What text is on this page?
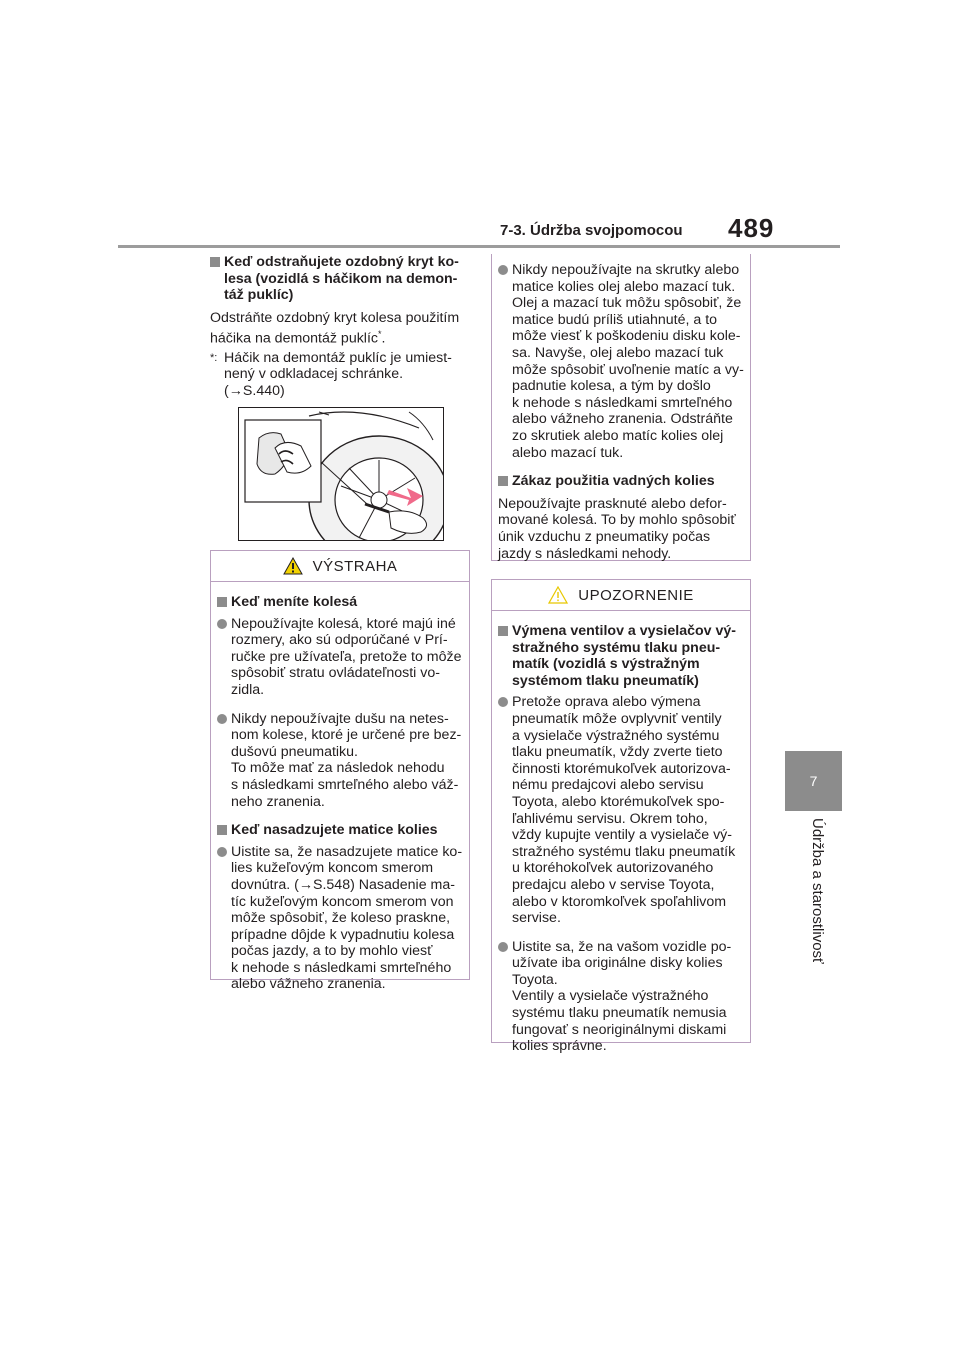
7-3. Údržba svojpomocou 489
7
Údržba a starostlivosť
Keď odstraňujete ozdobný kryt ko-
lesa (vozidlá s háčikom na demon-
táž puklíc)
Odstráňte ozdobný kryt kolesa použitím
háčika na demontáž puklíc*.
*: Háčik na demontáž puklíc je umiest-
nený v odkladacej schránke.
(→S.440)
VÝSTRAHA
Keď meníte kolesá
Nepoužívajte kolesá, ktoré majú iné
rozmery, ako sú odporúčané v Prí-
ručke pre užívateľa, pretože to môže
spôsobiť stratu ovládateľnosti vo-
zidla.
Nikdy nepoužívajte dušu na netes-
nom kolese, ktoré je určené pre bez-
dušovú pneumatiku.
To môže mať za následok nehodu
s následkami smrteľného alebo váž-
neho zranenia.
Keď nasadzujete matice kolies
Uistite sa, že nasadzujete matice ko-
lies kužeľovým koncom smerom
dovnútra. (→S.548) Nasadenie ma-
tíc kužeľovým koncom smerom von
môže spôsobiť, že koleso praskne,
prípadne dôjde k vypadnutiu kolesa
počas jazdy, a to by mohlo viesť
k nehode s následkami smrteľného
alebo vážneho zranenia.
Nikdy nepoužívajte na skrutky alebo
matice kolies olej alebo mazací tuk.
Olej a mazací tuk môžu spôsobiť, že
matice budú príliš utiahnuté, a to
môže viesť k poškodeniu disku kole-
sa. Navyše, olej alebo mazací tuk
môže spôsobiť uvoľnenie matíc a vy-
padnutie kolesa, a tým by došlo
k nehode s následkami smrteľného
alebo vážneho zranenia. Odstráňte
zo skrutiek alebo matíc kolies olej
alebo mazací tuk.
Zákaz použitia vadných kolies
Nepoužívajte prasknuté alebo defor-
mované kolesá. To by mohlo spôsobiť
únik vzduchu z pneumatiky počas
jazdy s následkami nehody.
UPOZORNENIE
Výmena ventilov a vysielačov vý-
stražného systému tlaku pneu-
matík (vozidlá s výstražným
systémom tlaku pneumatík)
Pretože oprava alebo výmena
pneumatík môže ovplyvniť ventily
a vysielače výstražného systému
tlaku pneumatík, vždy zverte tieto
činnosti ktorémukoľvek autorizova-
nému predajcovi alebo servisu
Toyota, alebo ktorémukoľvek spo-
ľahlivému servisu. Okrem toho,
vždy kupujte ventily a vysielače vý-
stražného systému tlaku pneumatík
u ktoréhokoľvek autorizovaného
predajcu alebo v servise Toyota,
alebo v ktoromkoľvek spoľahlivom
servise.
Uistite sa, že na vašom vozidle po-
užívate iba originálne disky kolies
Toyota.
Ventily a vysielače výstražného
systému tlaku pneumatík nemusia
fungovať s neoriginálnymi diskami
kolies správne.
